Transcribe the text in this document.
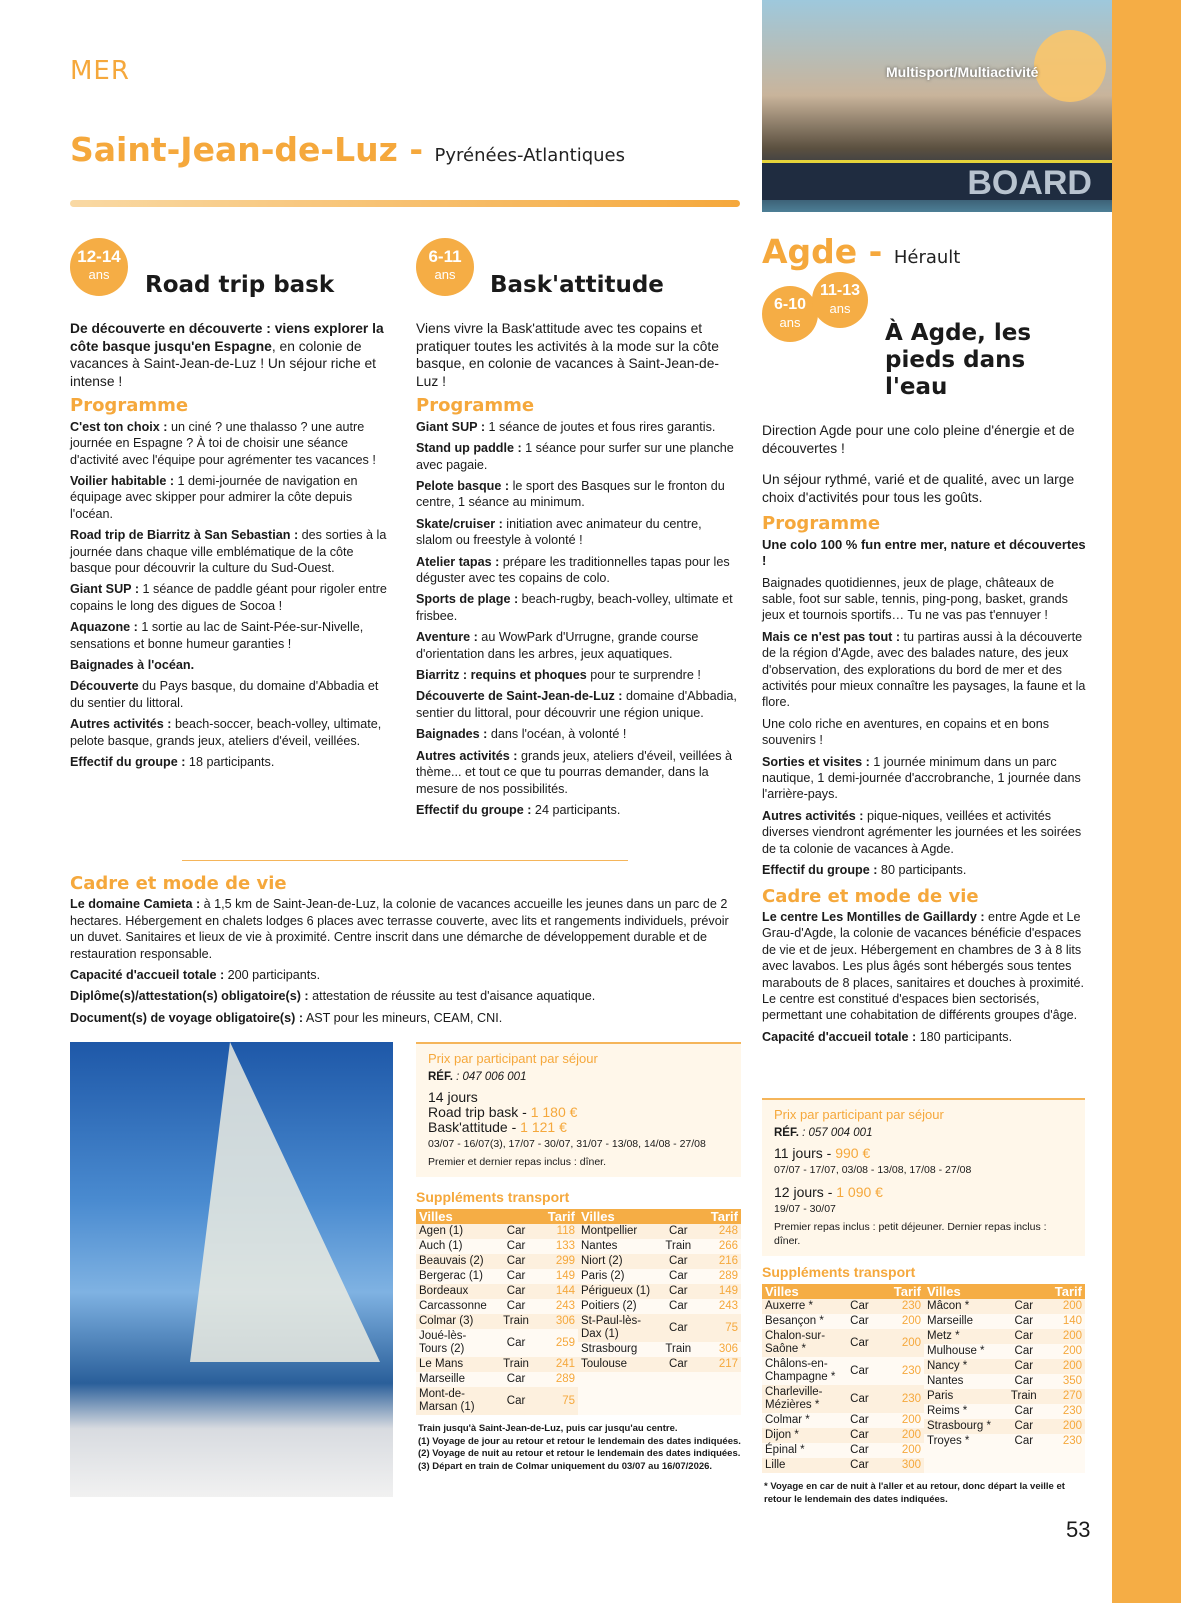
MER
Saint-Jean-de-Luz - Pyrénées-Atlantiques
Multisport/Multiactivité
BOARD
12-14
ans	Road trip bask

De découverte en découverte : viens explorer la côte basque jusqu'en Espagne, en colonie de vacances à Saint-Jean-de-Luz ! Un séjour riche et intense !

Programme

C'est ton choix : un ciné ? une thalasso ? une autre journée en Espagne ? À toi de choisir une séance d'activité avec l'équipe pour agrémenter tes vacances !

Voilier habitable : 1 demi-journée de navigation en équipage avec skipper pour admirer la côte depuis l'océan.

Road trip de Biarritz à San Sebastian : des sorties à la journée dans chaque ville emblématique de la côte basque pour découvrir la culture du Sud-Ouest.

Giant SUP : 1 séance de paddle géant pour rigoler entre copains le long des digues de Socoa !

Aquazone : 1 sortie au lac de Saint-Pée-sur-Nivelle, sensations et bonne humeur garanties !

Baignades à l'océan.

Découverte du Pays basque, du domaine d'Abbadia et du sentier du littoral.

Autres activités : beach-soccer, beach-volley, ultimate, pelote basque, grands jeux, ateliers d'éveil, veillées.

Effectif du groupe : 18 participants.

6-11
ans	Bask'attitude

Viens vivre la Bask'attitude avec tes copains et pratiquer toutes les activités à la mode sur la côte basque, en colonie de vacances à Saint-Jean-de-Luz !

Programme

Giant SUP : 1 séance de joutes et fous rires garantis.

Stand up paddle : 1 séance pour surfer sur une planche avec pagaie.

Pelote basque : le sport des Basques sur le fronton du centre, 1 séance au minimum.

Skate/cruiser : initiation avec animateur du centre, slalom ou freestyle à volonté !

Atelier tapas : prépare les traditionnelles tapas pour les déguster avec tes copains de colo.

Sports de plage : beach-rugby, beach-volley, ultimate et frisbee.

Aventure : au WowPark d'Urrugne, grande course d'orientation dans les arbres, jeux aquatiques.

Biarritz : requins et phoques pour te surprendre !

Découverte de Saint-Jean-de-Luz : domaine d'Abbadia, sentier du littoral, pour découvrir une région unique.

Baignades : dans l'océan, à volonté !

Autres activités : grands jeux, ateliers d'éveil, veillées à thème... et tout ce que tu pourras demander, dans la mesure de nos possibilités.

Effectif du groupe : 24 participants.

Cadre et mode de vie

Le domaine Camieta : à 1,5 km de Saint-Jean-de-Luz, la colonie de vacances accueille les jeunes dans un parc de 2 hectares. Hébergement en chalets lodges 6 places avec terrasse couverte, avec lits et rangements individuels, prévoir un duvet. Sanitaires et lieux de vie à proximité. Centre inscrit dans une démarche de développement durable et de restauration responsable.

Capacité d'accueil totale : 200 participants.

Diplôme(s)/attestation(s) obligatoire(s) : attestation de réussite au test d'aisance aquatique.

Document(s) de voyage obligatoire(s) : AST pour les mineurs, CEAM, CNI.

Prix par participant par séjour
RÉF. : 047 006 001
14 jours
Road trip bask - 1 180 €
Bask'attitude - 1 121 €
03/07 - 16/07(3), 17/07 - 30/07, 31/07 - 13/08, 14/08 - 27/08
Premier et dernier repas inclus : dîner.
Suppléments transport
Villes		Tarif
Agen (1)	Car	118
Auch (1)	Car	133
Beauvais (2)	Car	299
Bergerac (1)	Car	149
Bordeaux	Car	144
Carcassonne	Car	243
Colmar (3)	Train	306
Joué-lès-Tours (2)	Car	259
Le Mans	Train	241
Marseille	Car	289
Mont-de-Marsan (1)	Car	75
Villes		Tarif
Montpellier	Car	248
Nantes	Train	266
Niort (2)	Car	216
Paris (2)	Car	289
Périgueux (1)	Car	149
Poitiers (2)	Car	243
St-Paul-lès-Dax (1)	Car	75
Strasbourg	Train	306
Toulouse	Car	217
Train jusqu'à Saint-Jean-de-Luz, puis car jusqu'au centre.
(1) Voyage de jour au retour et retour le lendemain des dates indiquées.
(2) Voyage de nuit au retour et retour le lendemain des dates indiquées.
(3) Départ en train de Colmar uniquement du 03/07 au 16/07/2026.
Agde - Hérault
6-10
ans
11-13
ans
À Agde, les pieds dans l'eau

Direction Agde pour une colo pleine d'énergie et de découvertes !

Un séjour rythmé, varié et de qualité, avec un large choix d'activités pour tous les goûts.

Programme

Une colo 100 % fun entre mer, nature et découvertes !

Baignades quotidiennes, jeux de plage, châteaux de sable, foot sur sable, tennis, ping-pong, basket, grands jeux et tournois sportifs… Tu ne vas pas t'ennuyer !

Mais ce n'est pas tout : tu partiras aussi à la découverte de la région d'Agde, avec des balades nature, des jeux d'observation, des explorations du bord de mer et des activités pour mieux connaître les paysages, la faune et la flore.

Une colo riche en aventures, en copains et en bons souvenirs !

Sorties et visites : 1 journée minimum dans un parc nautique, 1 demi-journée d'accrobranche, 1 journée dans l'arrière-pays.

Autres activités : pique-niques, veillées et activités diverses viendront agrémenter les journées et les soirées de ta colonie de vacances à Agde.

Effectif du groupe : 80 participants.

Cadre et mode de vie

Le centre Les Montilles de Gaillardy : entre Agde et Le Grau-d'Agde, la colonie de vacances bénéficie d'espaces de vie et de jeux. Hébergement en chambres de 3 à 8 lits avec lavabos. Les plus âgés sont hébergés sous tentes marabouts de 8 places, sanitaires et douches à proximité. Le centre est constitué d'espaces bien sectorisés, permettant une cohabitation de différents groupes d'âge.

Capacité d'accueil totale : 180 participants.

Prix par participant par séjour
RÉF. : 057 004 001
11 jours - 990 €
07/07 - 17/07, 03/08 - 13/08, 17/08 - 27/08
12 jours - 1 090 €
19/07 - 30/07
Premier repas inclus : petit déjeuner. Dernier repas inclus : dîner.
Suppléments transport
Villes		Tarif
Auxerre *	Car	230
Besançon *	Car	200
Chalon-sur-Saône *	Car	200
Châlons-en-Champagne *	Car	230
Charleville-Mézières *	Car	230
Colmar *	Car	200
Dijon *	Car	200
Épinal *	Car	200
Lille	Car	300
Villes		Tarif
Mâcon *	Car	200
Marseille	Car	140
Metz *	Car	200
Mulhouse *	Car	200
Nancy *	Car	200
Nantes	Car	350
Paris	Train	270
Reims *	Car	230
Strasbourg *	Car	200
Troyes *	Car	230
* Voyage en car de nuit à l'aller et au retour, donc départ la veille et retour le lendemain des dates indiquées.
53
